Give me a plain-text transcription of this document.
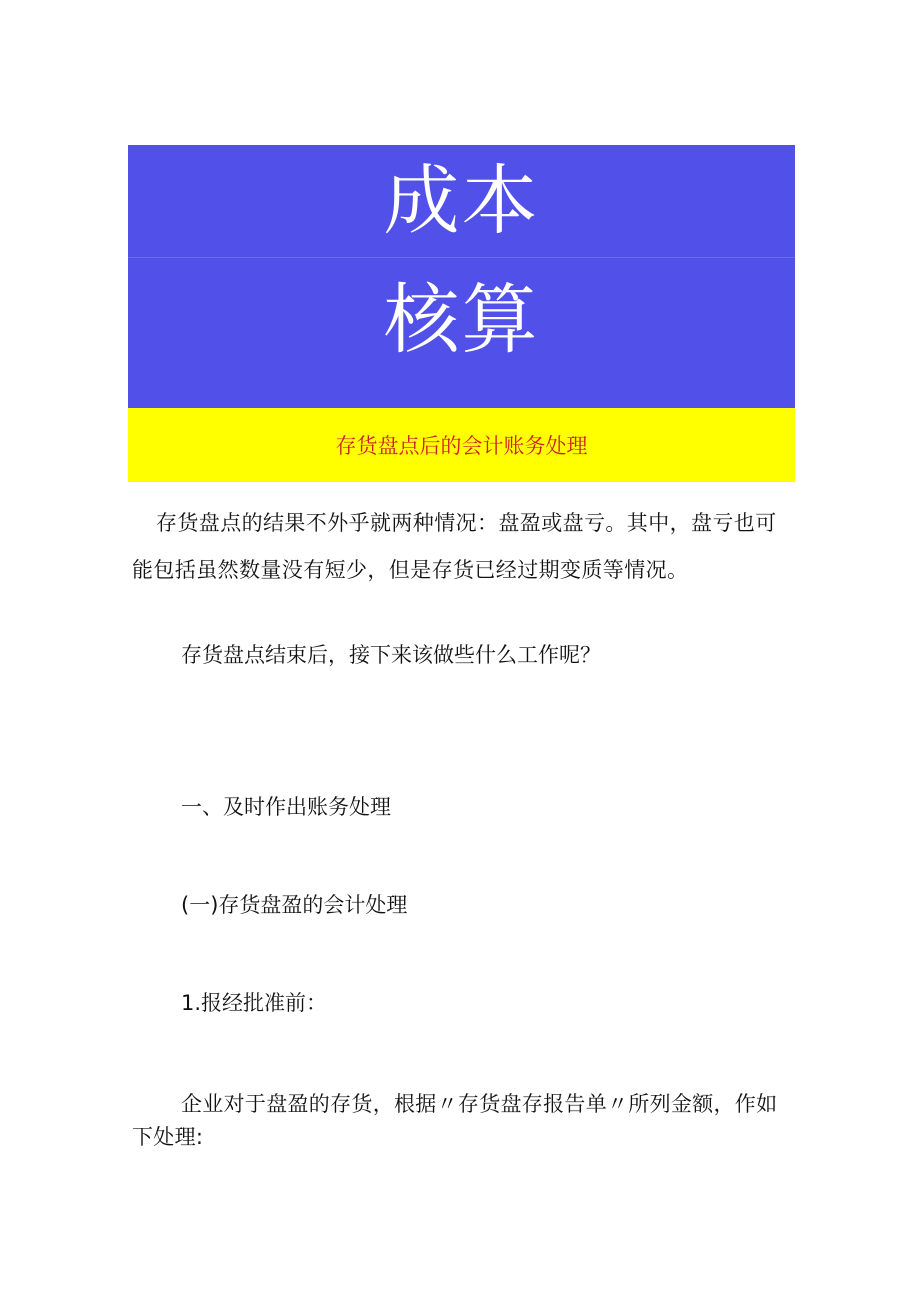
成本
核算
存货盘点后的会计账务处理
存货盘点的结果不外乎就两种情况：盘盈或盘亏。其中，盘亏也可能包括虽然数量没有短少，但是存货已经过期变质等情况。
存货盘点结束后，接下来该做些什么工作呢？
一、及时作出账务处理
(一)存货盘盈的会计处理
1.报经批准前：
企业对于盘盈的存货，根据〃存货盘存报告单〃所列金额，作如下处理:
